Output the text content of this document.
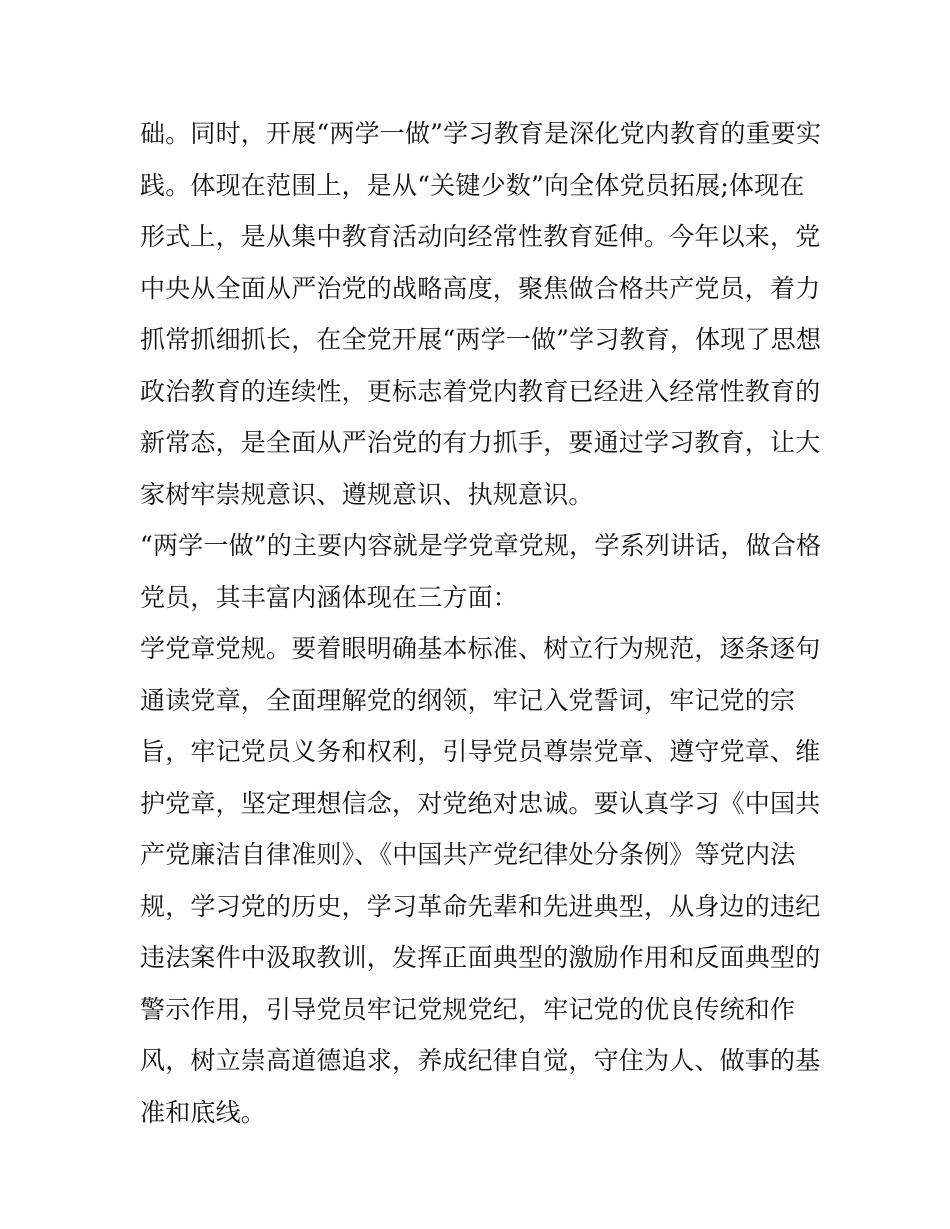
础。同时，开展“两学一做”学习教育是深化党内教育的重要实
践。体现在范围上，是从“关键少数”向全体党员拓展;体现在
形式上，是从集中教育活动向经常性教育延伸。今年以来，党
中央从全面从严治党的战略高度，聚焦做合格共产党员，着力
抓常抓细抓长，在全党开展“两学一做”学习教育，体现了思想
政治教育的连续性，更标志着党内教育已经进入经常性教育的
新常态，是全面从严治党的有力抓手，要通过学习教育，让大
家树牢崇规意识、遵规意识、执规意识。
“两学一做”的主要内容就是学党章党规，学系列讲话，做合格
党员，其丰富内涵体现在三方面：
学党章党规。要着眼明确基本标准、树立行为规范，逐条逐句
通读党章，全面理解党的纲领，牢记入党誓词，牢记党的宗
旨，牢记党员义务和权利，引导党员尊崇党章、遵守党章、维
护党章，坚定理想信念，对党绝对忠诚。要认真学习《中国共
产党廉洁自律准则》、《中国共产党纪律处分条例》等党内法
规，学习党的历史，学习革命先辈和先进典型，从身边的违纪
违法案件中汲取教训，发挥正面典型的激励作用和反面典型的
警示作用，引导党员牢记党规党纪，牢记党的优良传统和作
风，树立崇高道德追求，养成纪律自觉，守住为人、做事的基
准和底线。
